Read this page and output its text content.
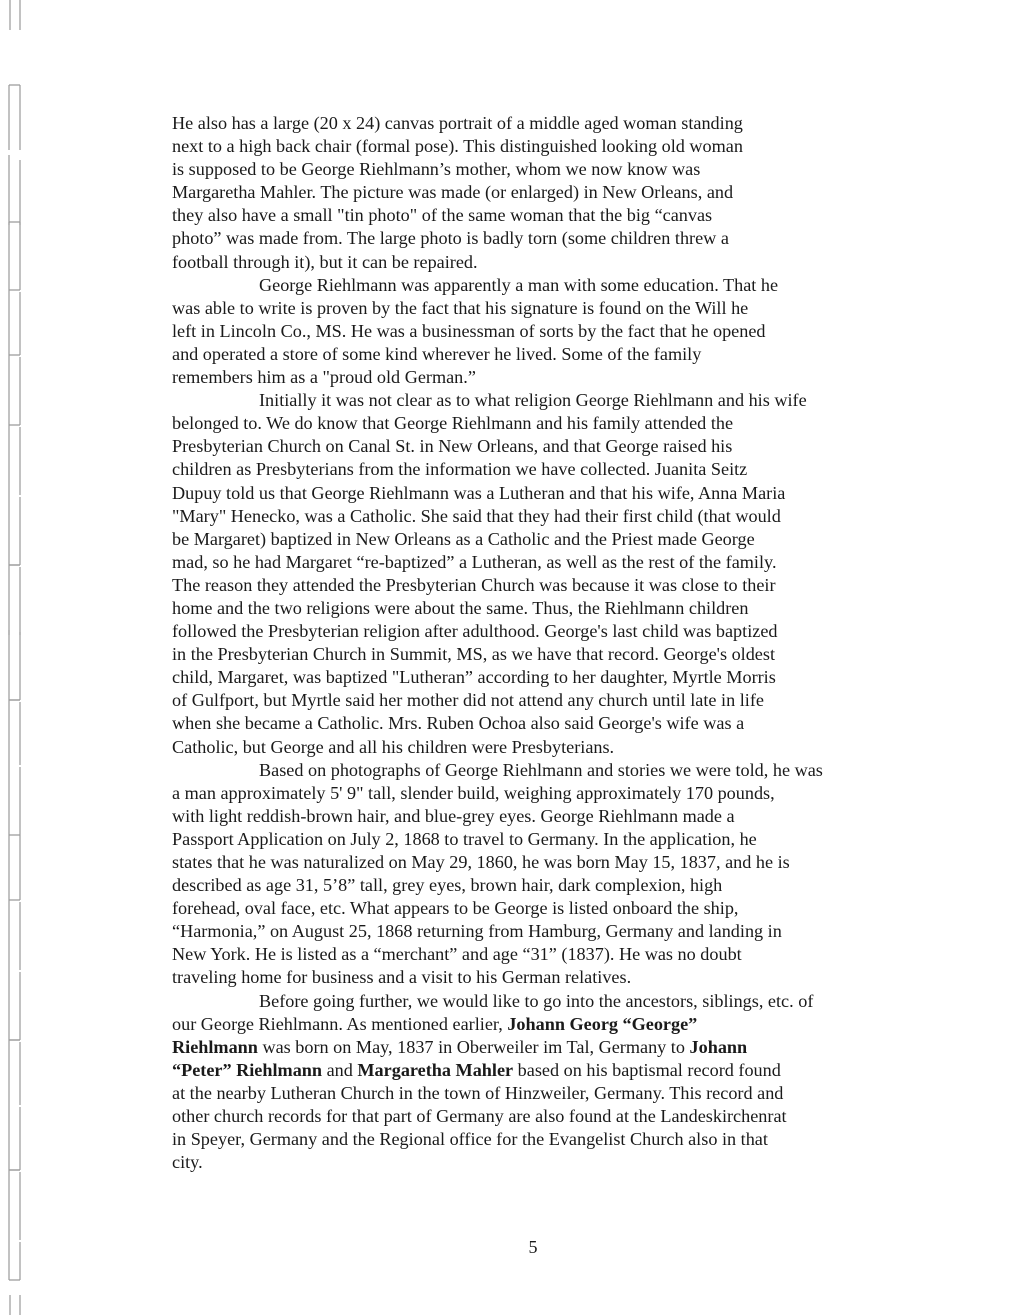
He also has a large (20 x 24) canvas portrait of a middle aged woman standing
next to a high back chair (formal pose). This distinguished looking old woman
is supposed to be George Riehlmann’s mother, whom we now know was
Margaretha Mahler. The picture was made (or enlarged) in New Orleans, and
they also have a small "tin photo" of the same woman that the big “canvas
photo” was made from. The large photo is badly torn (some children threw a
football through it), but it can be repaired.
George Riehlmann was apparently a man with some education. That he
was able to write is proven by the fact that his signature is found on the Will he
left in Lincoln Co., MS. He was a businessman of sorts by the fact that he opened
and operated a store of some kind wherever he lived. Some of the family
remembers him as a "proud old German.”
Initially it was not clear as to what religion George Riehlmann and his wife
belonged to. We do know that George Riehlmann and his family attended the
Presbyterian Church on Canal St. in New Orleans, and that George raised his
children as Presbyterians from the information we have collected. Juanita Seitz
Dupuy told us that George Riehlmann was a Lutheran and that his wife, Anna Maria
"Mary" Henecko, was a Catholic. She said that they had their first child (that would
be Margaret) baptized in New Orleans as a Catholic and the Priest made George
mad, so he had Margaret “re-baptized” a Lutheran, as well as the rest of the family.
The reason they attended the Presbyterian Church was because it was close to their
home and the two religions were about the same. Thus, the Riehlmann children
followed the Presbyterian religion after adulthood. George's last child was baptized
in the Presbyterian Church in Summit, MS, as we have that record. George's oldest
child, Margaret, was baptized "Lutheran” according to her daughter, Myrtle Morris
of Gulfport, but Myrtle said her mother did not attend any church until late in life
when she became a Catholic. Mrs. Ruben Ochoa also said George's wife was a
Catholic, but George and all his children were Presbyterians.
Based on photographs of George Riehlmann and stories we were told, he was
a man approximately 5' 9" tall, slender build, weighing approximately 170 pounds,
with light reddish-brown hair, and blue-grey eyes. George Riehlmann made a
Passport Application on July 2, 1868 to travel to Germany. In the application, he
states that he was naturalized on May 29, 1860, he was born May 15, 1837, and he is
described as age 31, 5’8” tall, grey eyes, brown hair, dark complexion, high
forehead, oval face, etc. What appears to be George is listed onboard the ship,
“Harmonia,” on August 25, 1868 returning from Hamburg, Germany and landing in
New York. He is listed as a “merchant” and age “31” (1837). He was no doubt
traveling home for business and a visit to his German relatives.
Before going further, we would like to go into the ancestors, siblings, etc. of
our George Riehlmann. As mentioned earlier, Johann Georg “George”
Riehlmann was born on May, 1837 in Oberweiler im Tal, Germany to Johann
“Peter” Riehlmann and Margaretha Mahler based on his baptismal record found
at the nearby Lutheran Church in the town of Hinzweiler, Germany. This record and
other church records for that part of Germany are also found at the Landeskirchenrat
in Speyer, Germany and the Regional office for the Evangelist Church also in that
city.
5
